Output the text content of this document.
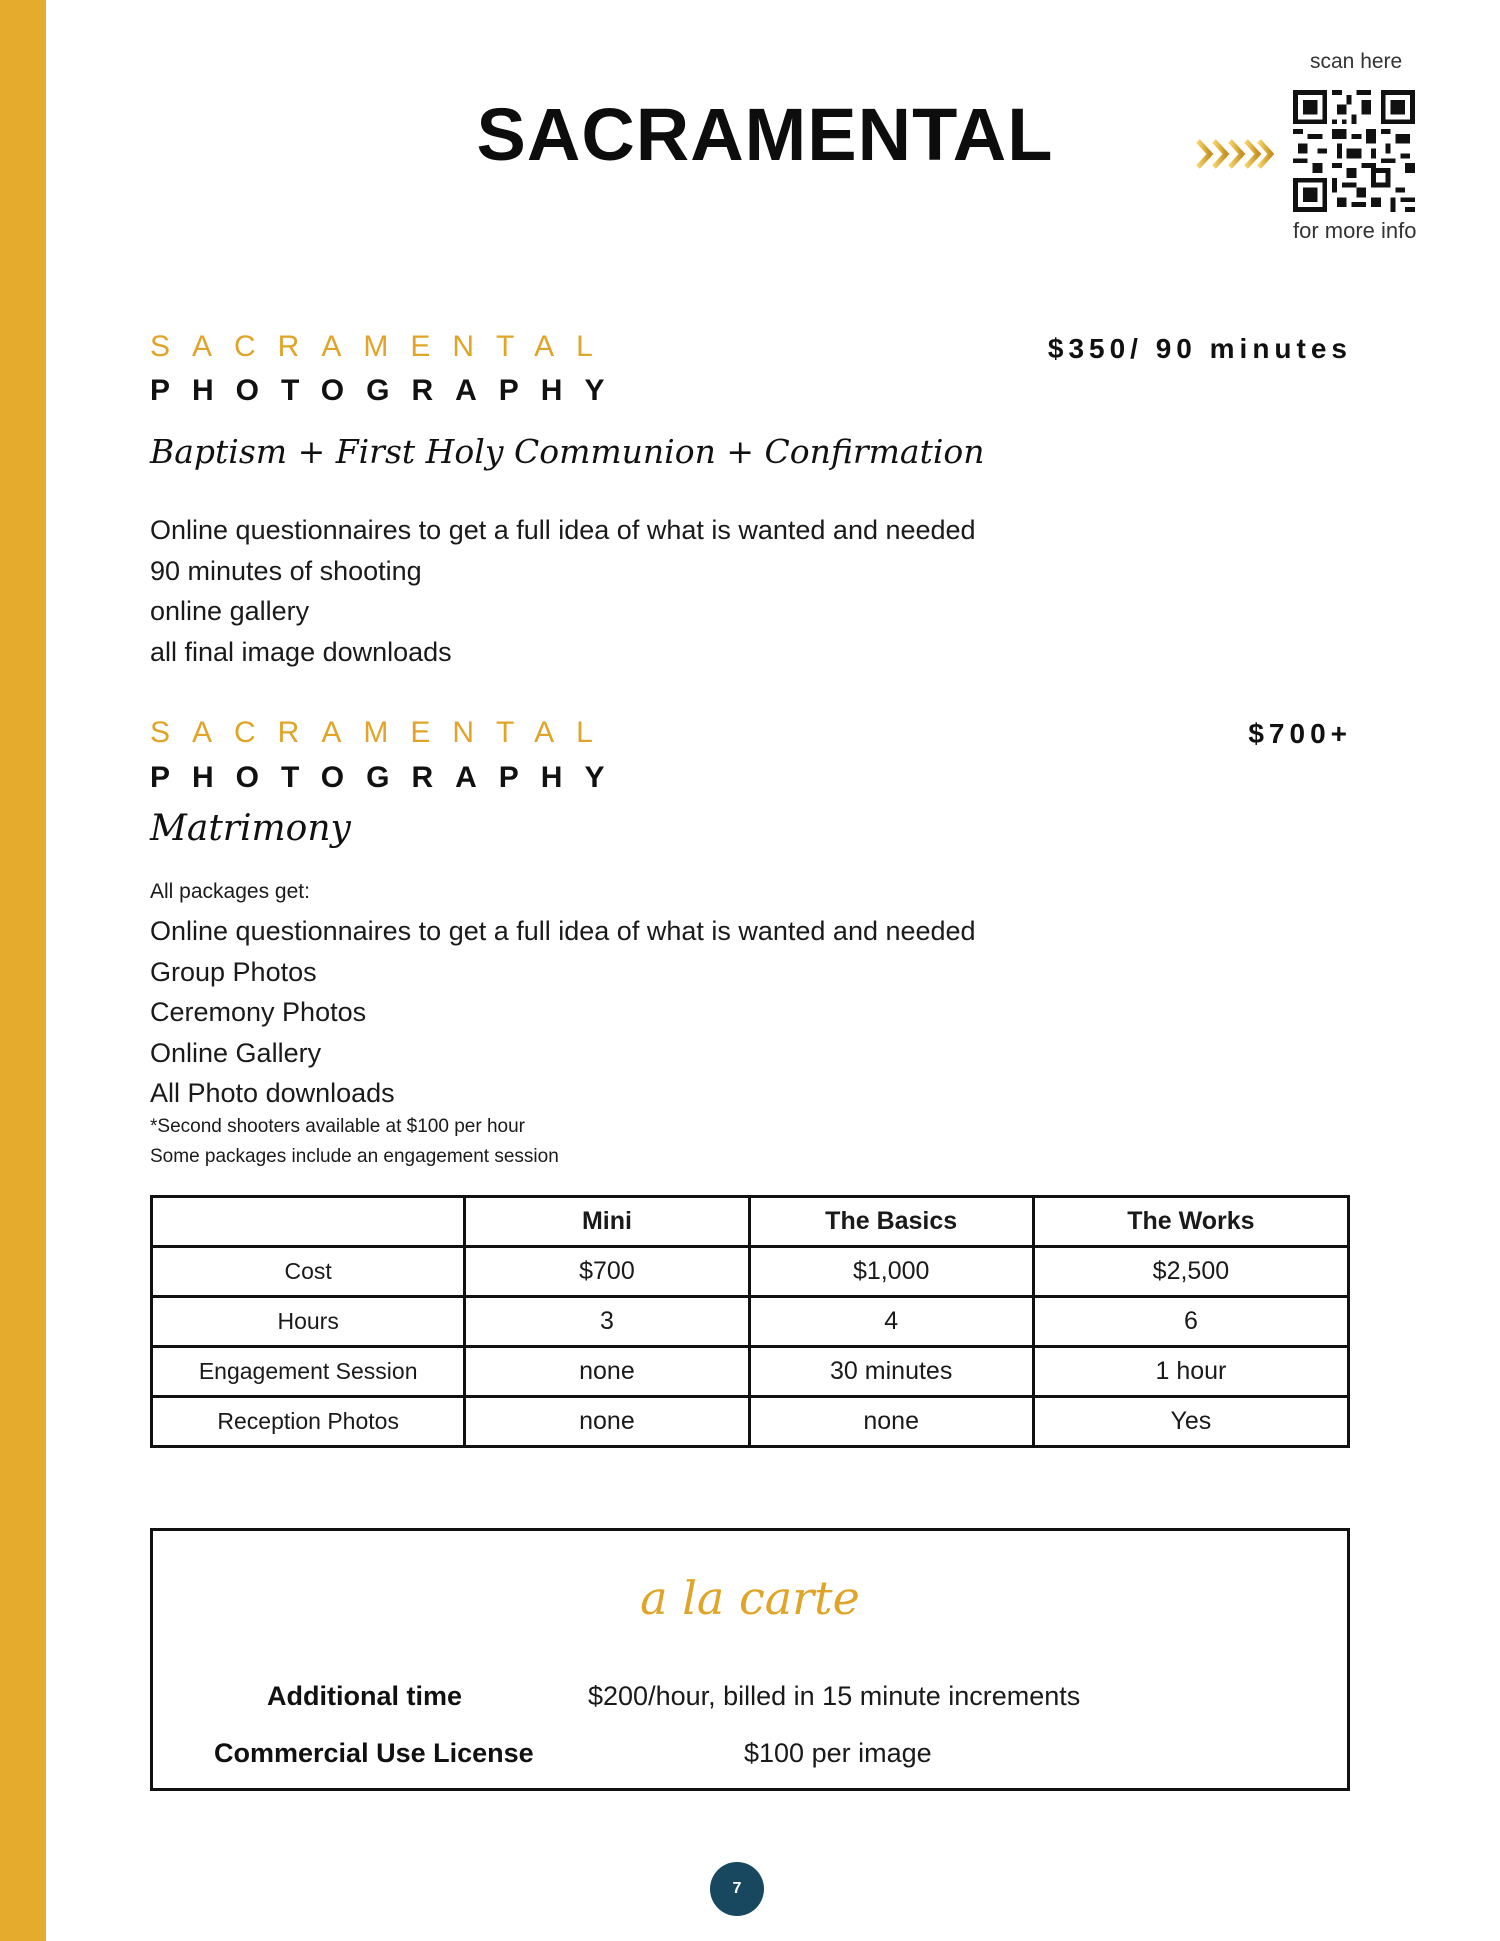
SACRAMENTAL
scan here
for more info
SACRAMENTAL
PHOTOGRAPHY
$350/ 90 minutes
Baptism + First Holy Communion + Confirmation
Online questionnaires to get a full idea of what is wanted and needed
90 minutes of shooting
online gallery
all final image downloads
SACRAMENTAL
PHOTOGRAPHY
$700+
Matrimony
All packages get:
Online questionnaires to get a full idea of what is wanted and needed
Group Photos
Ceremony Photos
Online Gallery
All Photo downloads
*Second shooters available at $100 per hour
Some packages include an engagement session
	Mini	The Basics	The Works
Cost	$700	$1,000	$2,500
Hours	3	4	6
Engagement Session	none	30 minutes	1 hour
Reception Photos	none	none	Yes
a la carte
Additional time	$200/hour, billed in 15 minute increments
Commercial Use License	$100 per image
7
